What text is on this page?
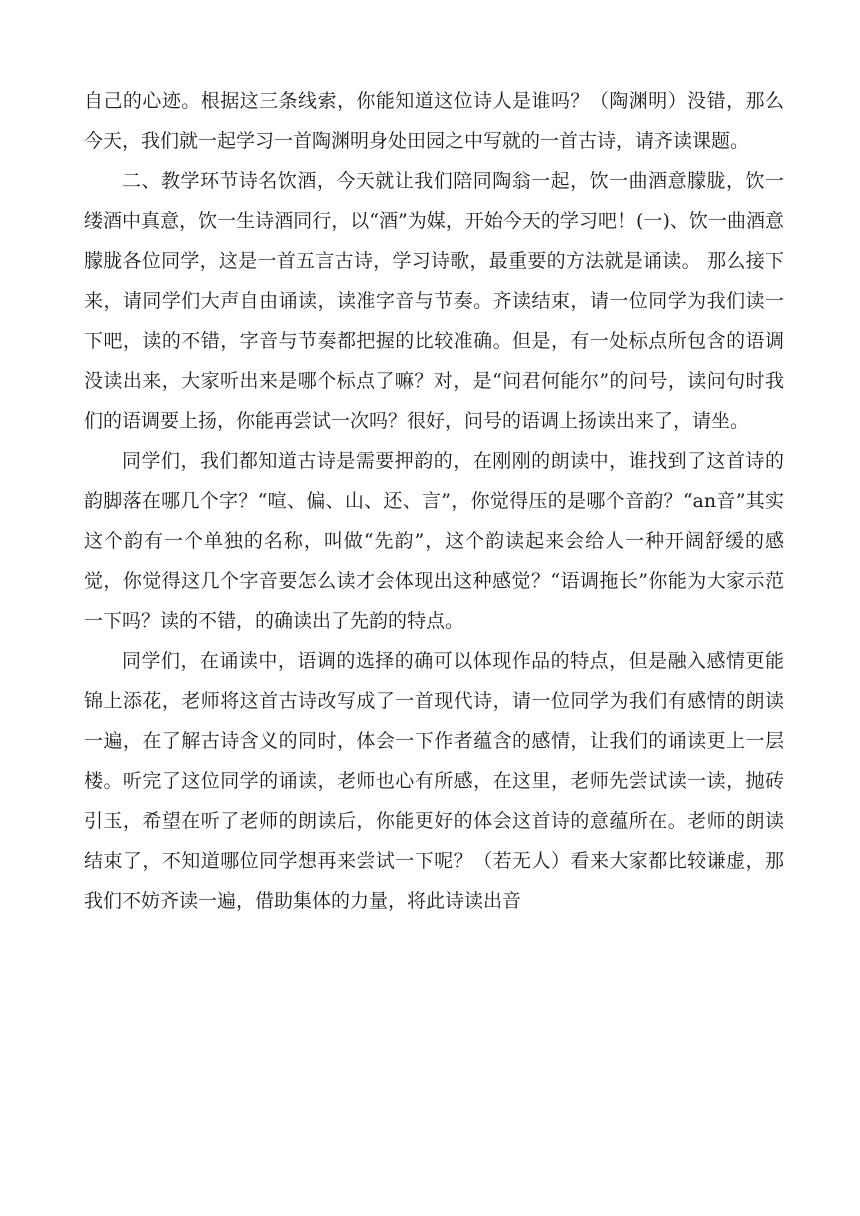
自己的心迹。根据这三条线索，你能知道这位诗人是谁吗？（陶渊明）没错，那么今天，我们就一起学习一首陶渊明身处田园之中写就的一首古诗，请齐读课题。

二、教学环节诗名饮酒，今天就让我们陪同陶翁一起，饮一曲酒意朦胧，饮一缕酒中真意，饮一生诗酒同行，以“酒”为媒，开始今天的学习吧！(一)、饮一曲酒意朦胧各位同学，这是一首五言古诗，学习诗歌，最重要的方法就是诵读。 那么接下来，请同学们大声自由诵读，读准字音与节奏。齐读结束，请一位同学为我们读一下吧，读的不错，字音与节奏都把握的比较准确。但是，有一处标点所包含的语调没读出来，大家听出来是哪个标点了嘛？对，是“问君何能尔”的问号，读问句时我们的语调要上扬，你能再尝试一次吗？很好，问号的语调上扬读出来了，请坐。

同学们，我们都知道古诗是需要押韵的，在刚刚的朗读中，谁找到了这首诗的韵脚落在哪几个字？“喧、偏、山、还、言”，你觉得压的是哪个音韵？“an音”其实这个韵有一个单独的名称，叫做“先韵”，这个韵读起来会给人一种开阔舒缓的感觉，你觉得这几个字音要怎么读才会体现出这种感觉？“语调拖长”你能为大家示范一下吗？读的不错，的确读出了先韵的特点。

同学们，在诵读中，语调的选择的确可以体现作品的特点，但是融入感情更能锦上添花，老师将这首古诗改写成了一首现代诗，请一位同学为我们有感情的朗读一遍，在了解古诗含义的同时，体会一下作者蕴含的感情，让我们的诵读更上一层楼。听完了这位同学的诵读，老师也心有所感，在这里，老师先尝试读一读，抛砖引玉，希望在听了老师的朗读后，你能更好的体会这首诗的意蕴所在。老师的朗读结束了，不知道哪位同学想再来尝试一下呢？（若无人）看来大家都比较谦虚，那我们不妨齐读一遍，借助集体的力量，将此诗读出音
